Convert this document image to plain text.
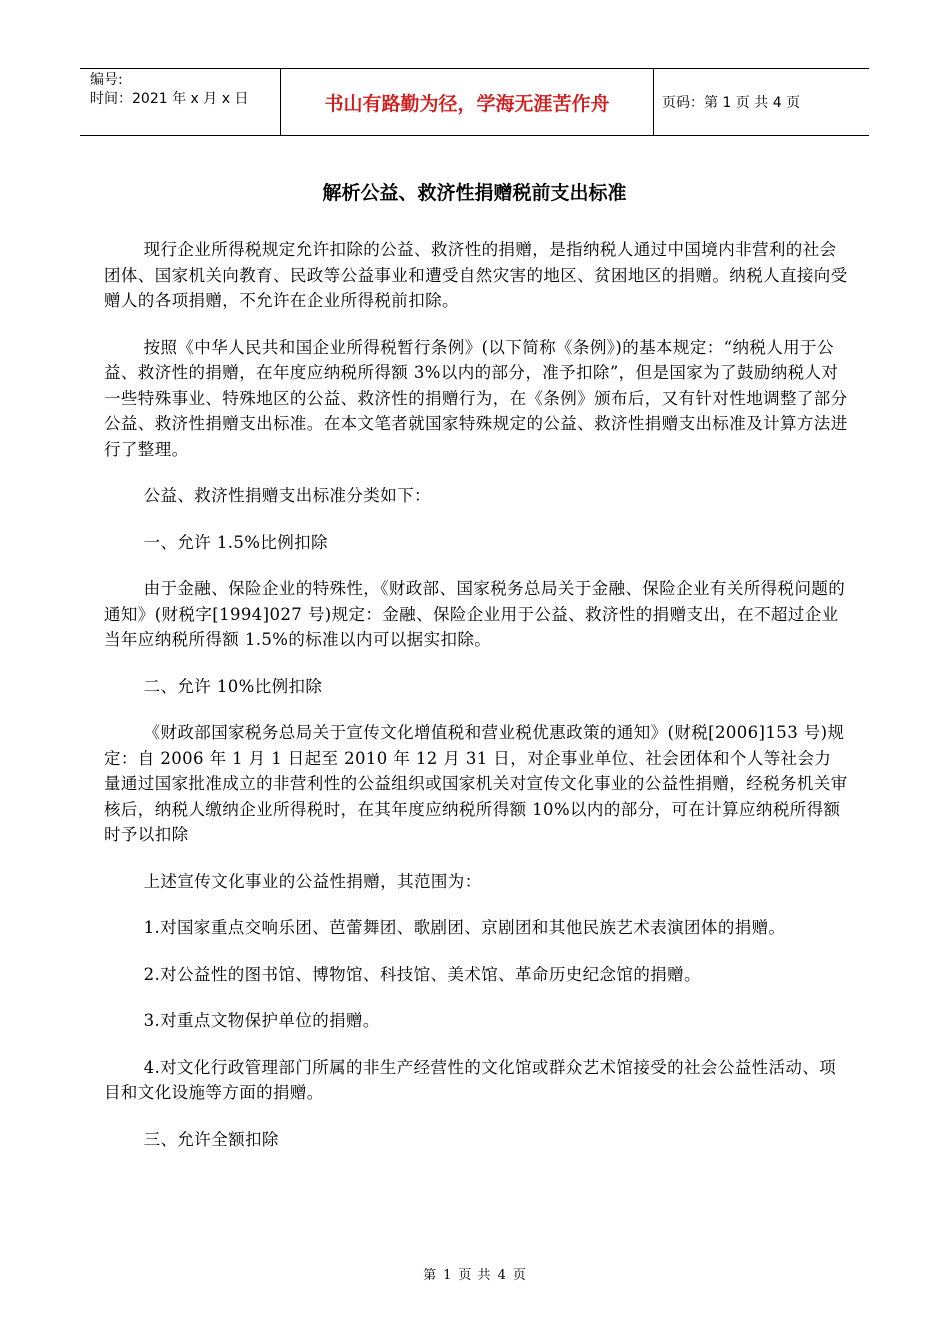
编号:
时间：2021 年 x 月 x 日	书山有路勤为径，学海无涯苦作舟	页码：第 1 页 共 4 页
解析公益、救济性捐赠税前支出标准

现行企业所得税规定允许扣除的公益、救济性的捐赠，是指纳税人通过中国境内非营利的社会团体、国家机关向教育、民政等公益事业和遭受自然灾害的地区、贫困地区的捐赠。纳税人直接向受赠人的各项捐赠，不允许在企业所得税前扣除。

按照《中华人民共和国企业所得税暂行条例》(以下简称《条例》)的基本规定：“纳税人用于公益、救济性的捐赠，在年度应纳税所得额 3%以内的部分，准予扣除”，但是国家为了鼓励纳税人对一些特殊事业、特殊地区的公益、救济性的捐赠行为，在《条例》颁布后，又有针对性地调整了部分公益、救济性捐赠支出标准。在本文笔者就国家特殊规定的公益、救济性捐赠支出标准及计算方法进行了整理。

公益、救济性捐赠支出标准分类如下：

一、允许 1.5%比例扣除

由于金融、保险企业的特殊性，《财政部、国家税务总局关于金融、保险企业有关所得税问题的通知》(财税字[1994]027 号)规定：金融、保险企业用于公益、救济性的捐赠支出，在不超过企业当年应纳税所得额 1.5%的标准以内可以据实扣除。

二、允许 10%比例扣除

《财政部国家税务总局关于宣传文化增值税和营业税优惠政策的通知》(财税[2006]153 号)规定：自 2006 年 1 月 1 日起至 2010 年 12 月 31 日，对企事业单位、社会团体和个人等社会力量通过国家批准成立的非营利性的公益组织或国家机关对宣传文化事业的公益性捐赠，经税务机关审核后，纳税人缴纳企业所得税时，在其年度应纳税所得额 10%以内的部分，可在计算应纳税所得额时予以扣除

上述宣传文化事业的公益性捐赠，其范围为：

1.对国家重点交响乐团、芭蕾舞团、歌剧团、京剧团和其他民族艺术表演团体的捐赠。

2.对公益性的图书馆、博物馆、科技馆、美术馆、革命历史纪念馆的捐赠。

3.对重点文物保护单位的捐赠。

4.对文化行政管理部门所属的非生产经营性的文化馆或群众艺术馆接受的社会公益性活动、项目和文化设施等方面的捐赠。

三、允许全额扣除

第 1 页 共 4 页
